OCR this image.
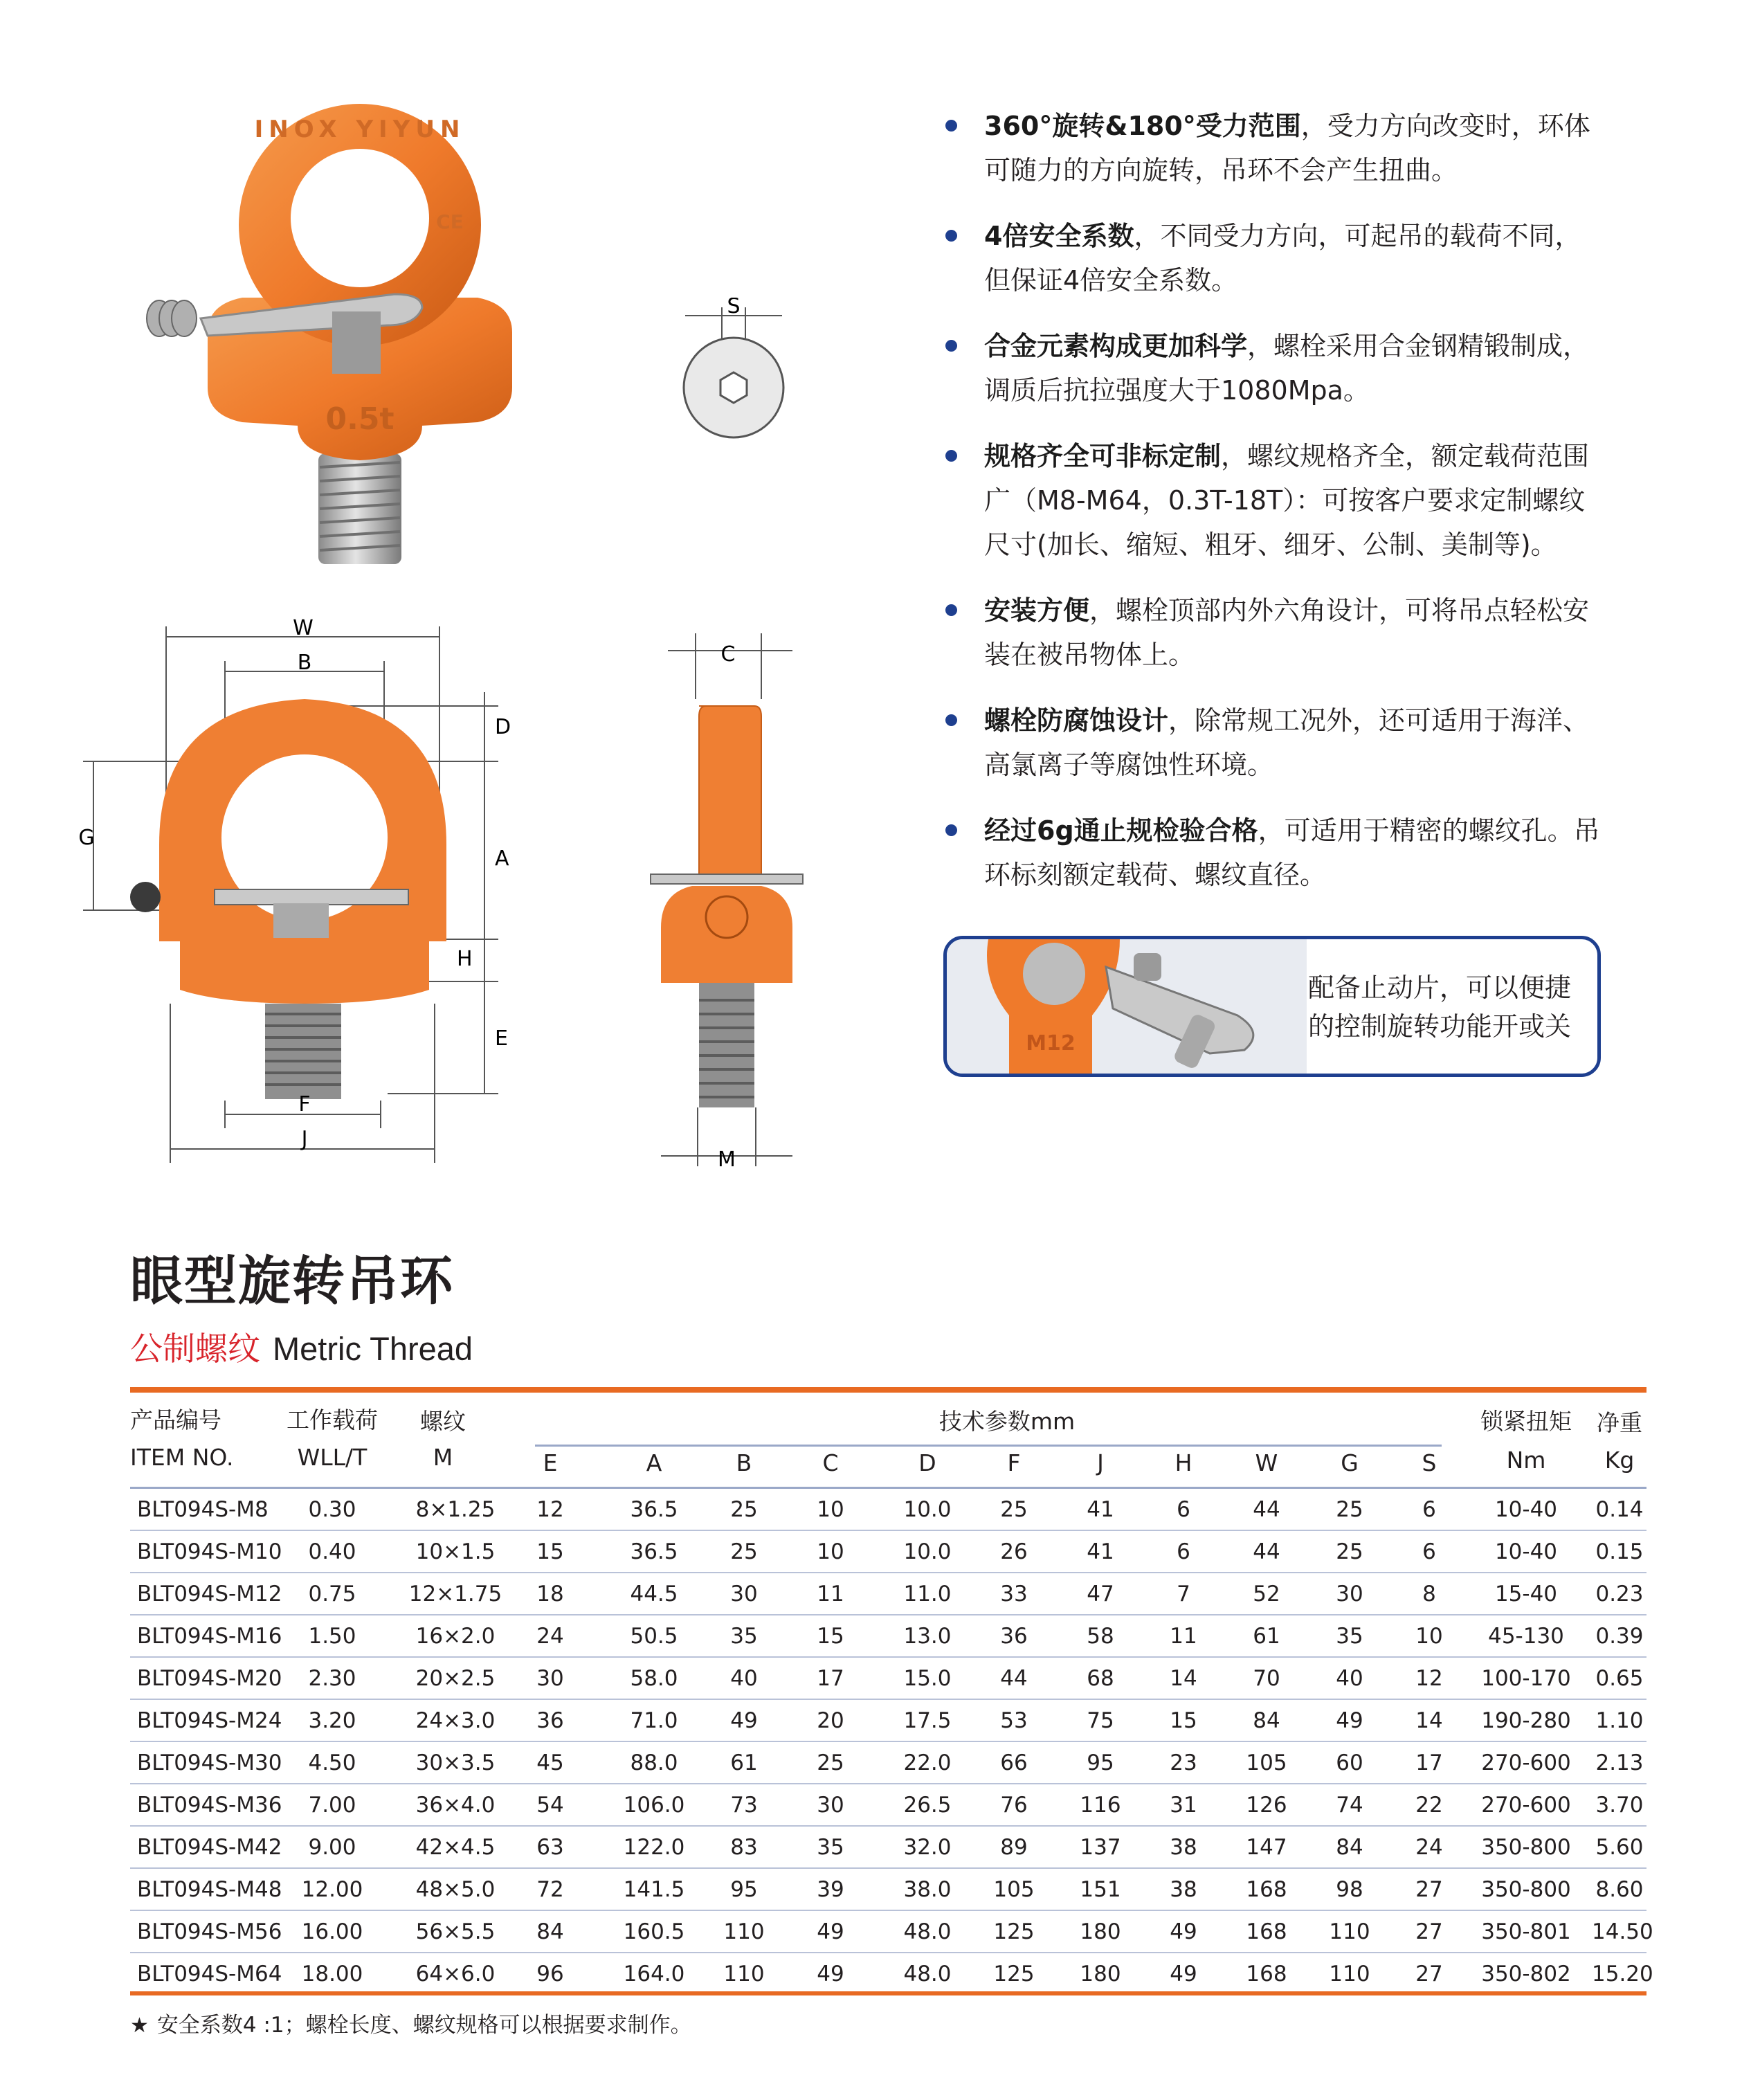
0.5t
INOX YIYUN
CE
S
W
B
D
A
H
E
G
F
J
C
M
360°旋转&180°受力范围，受力方向改变时，环体可随力的方向旋转，吊环不会产生扭曲。
4倍安全系数，不同受力方向，可起吊的载荷不同，但保证4倍安全系数。
合金元素构成更加科学，螺栓采用合金钢精锻制成，调质后抗拉强度大于1080Mpa。
规格齐全可非标定制，螺纹规格齐全，额定载荷范围广（M8-M64，0.3T-18T）：可按客户要求定制螺纹尺寸(加长、缩短、粗牙、细牙、公制、美制等)。
安装方便，螺栓顶部内外六角设计，可将吊点轻松安装在被吊物体上。
螺栓防腐蚀设计，除常规工况外，还可适用于海洋、高氯离子等腐蚀性环境。
经过6g通止规检验合格，可适用于精密的螺纹孔。吊环标刻额定载荷、螺纹直径。
M12
配备止动片，可以便捷的控制旋转功能开或关
眼型旋转吊环
公制螺纹 Metric Thread
产品编号
ITEM NO.
工作载荷
WLL/T
螺纹
M
技术参数mm	锁紧扭矩
Nm
净重
Kg
E	A	B	C	D	F	J	H	W	G	S
BLT094S-M8	0.30	8×1.25	12	36.5	25	10	10.0	25	41	6	44	25	6	10-40	0.14
BLT094S-M10	0.40	10×1.5	15	36.5	25	10	10.0	26	41	6	44	25	6	10-40	0.15
BLT094S-M12	0.75	12×1.75	18	44.5	30	11	11.0	33	47	7	52	30	8	15-40	0.23
BLT094S-M16	1.50	16×2.0	24	50.5	35	15	13.0	36	58	11	61	35	10	45-130	0.39
BLT094S-M20	2.30	20×2.5	30	58.0	40	17	15.0	44	68	14	70	40	12	100-170	0.65
BLT094S-M24	3.20	24×3.0	36	71.0	49	20	17.5	53	75	15	84	49	14	190-280	1.10
BLT094S-M30	4.50	30×3.5	45	88.0	61	25	22.0	66	95	23	105	60	17	270-600	2.13
BLT094S-M36	7.00	36×4.0	54	106.0	73	30	26.5	76	116	31	126	74	22	270-600	3.70
BLT094S-M42	9.00	42×4.5	63	122.0	83	35	32.0	89	137	38	147	84	24	350-800	5.60
BLT094S-M48 12.00	48×5.0	72	141.5	95	39	38.0	105	151	38	168	98	27	350-800	8.60
BLT094S-M56 16.00	56×5.5	84	160.5	110	49	48.0	125	180	49	168	110	27	350-801 14.50
BLT094S-M64 18.00	64×6.0	96	164.0	110	49	48.0	125	180	49	168	110	27	350-802 15.20
★ 安全系数4 :1；螺栓长度、螺纹规格可以根据要求制作。
